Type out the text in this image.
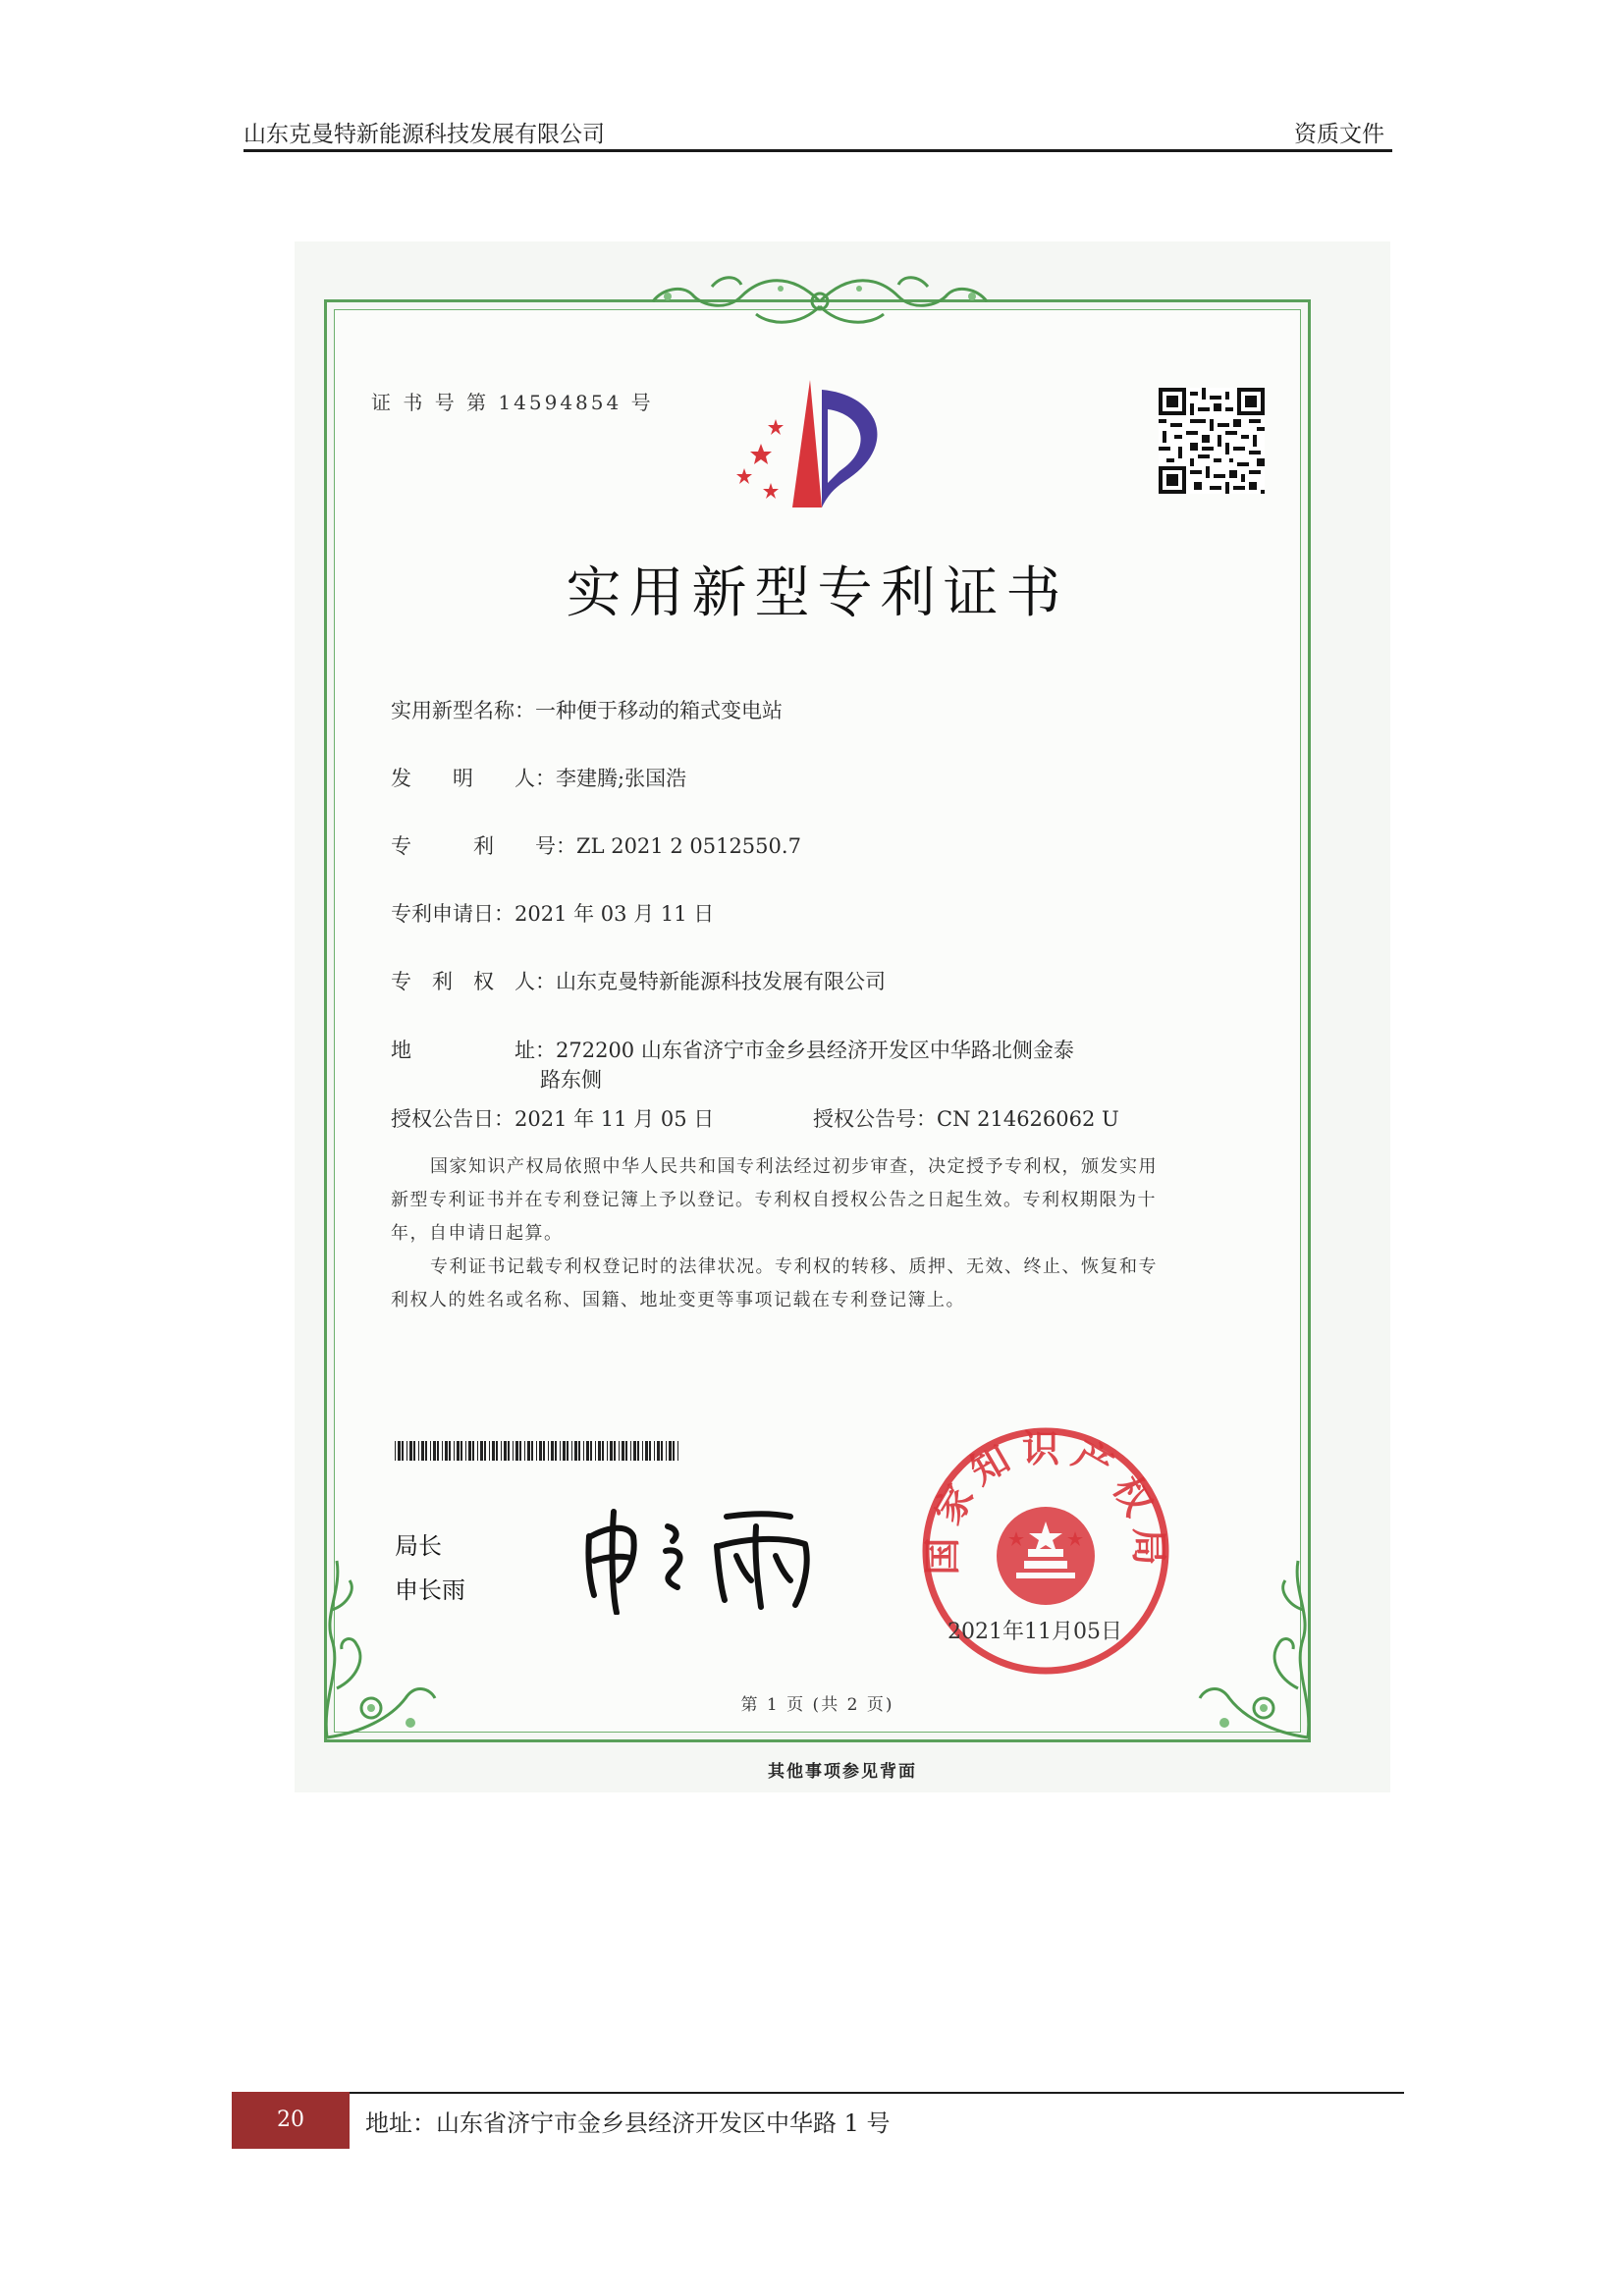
山东克曼特新能源科技发展有限公司	资质文件
证 书 号 第 14594854 号
实用新型专利证书
实用新型名称：一种便于移动的箱式变电站
发　　明　　人：李建腾;张国浩
专　　　利　　号：ZL 2021 2 0512550.7
专利申请日：2021 年 03 月 11 日
专　利　权　人：山东克曼特新能源科技发展有限公司
地　　　　　址：272200 山东省济宁市金乡县经济开发区中华路北侧金泰
路东侧
授权公告日：2021 年 11 月 05 日	授权公告号：CN 214626062 U
国家知识产权局依照中华人民共和国专利法经过初步审查，决定授予专利权，颁发实用
新型专利证书并在专利登记簿上予以登记。专利权自授权公告之日起生效。专利权期限为十
年，自申请日起算。
专利证书记载专利权登记时的法律状况。专利权的转移、质押、无效、终止、恢复和专
利权人的姓名或名称、国籍、地址变更等事项记载在专利登记簿上。
局长
申长雨
国家知识产权局
2021年11月05日
第 1 页 (共 2 页)
其他事项参见背面
20	地址：山东省济宁市金乡县经济开发区中华路 1 号
